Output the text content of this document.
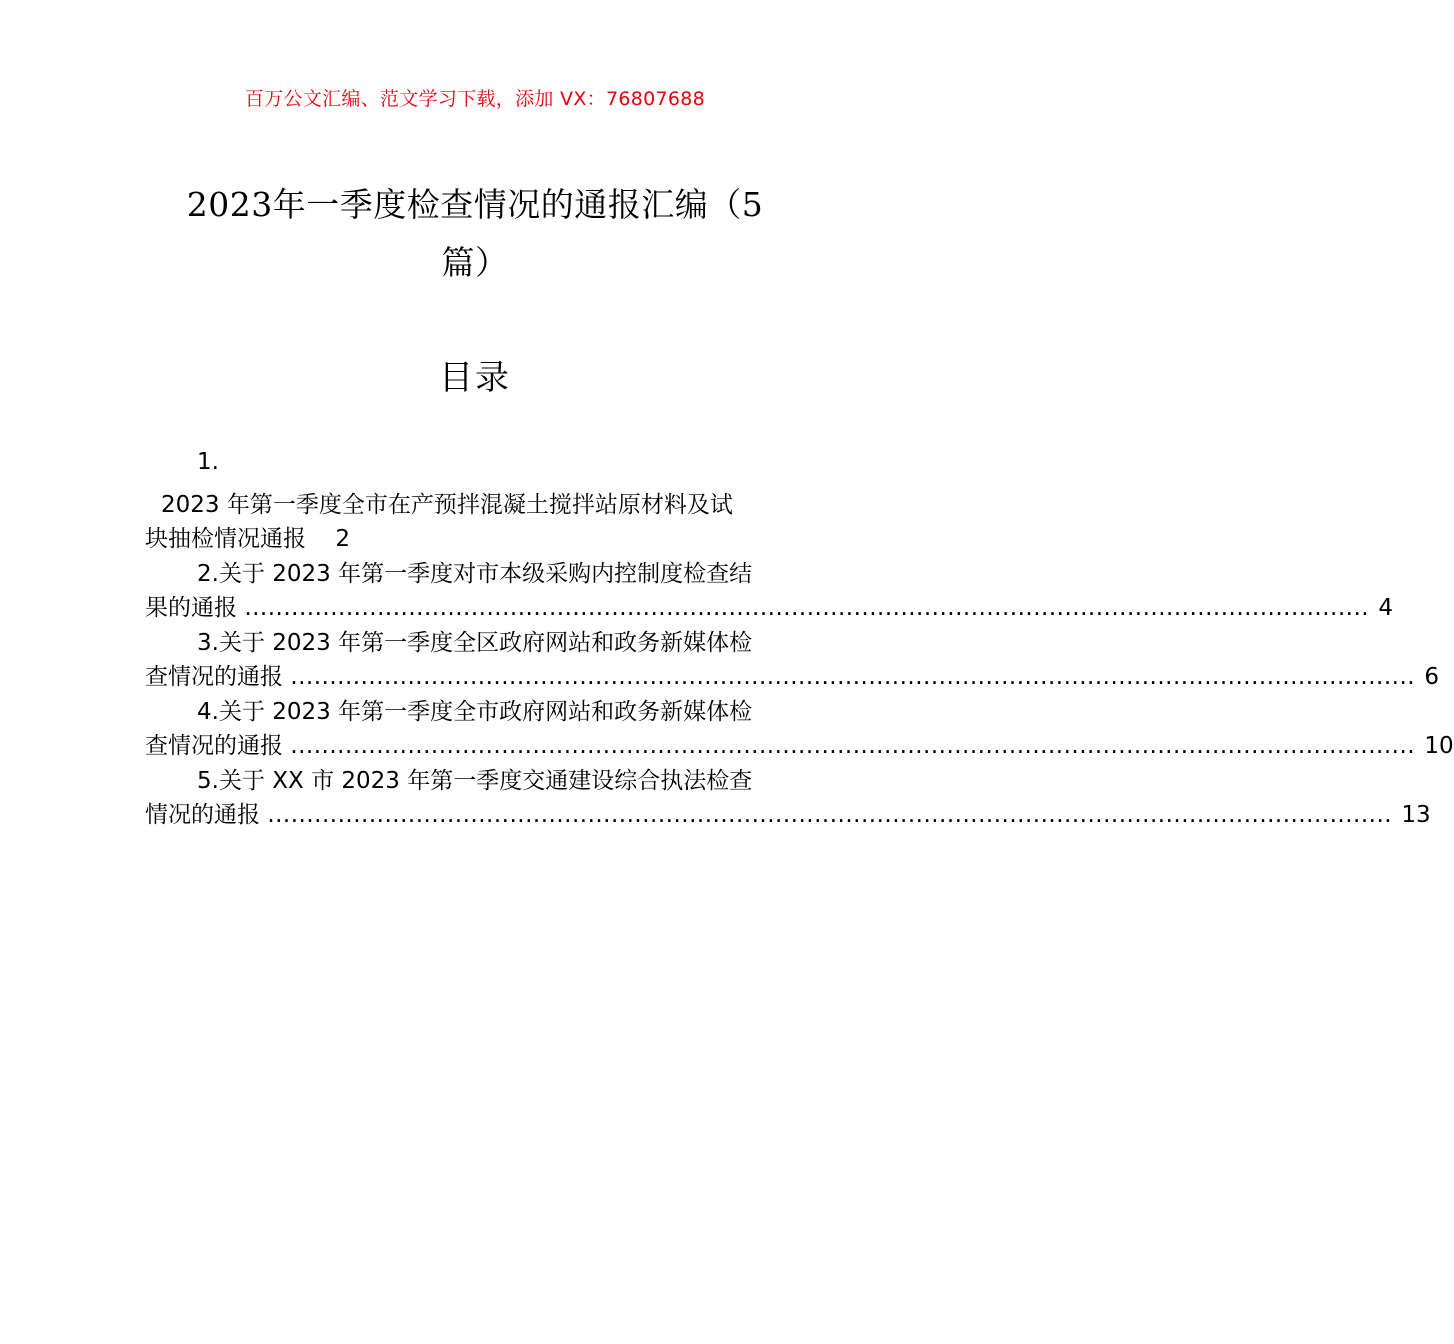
百万公文汇编、范文学习下载，添加 VX：76807688
2023年一季度检查情况的通报汇编（5
篇）
目录
1.
2023 年第一季度全市在产预拌混凝土搅拌站原材料及试
块抽检情况通报 2
2.关于 2023 年第一季度对市本级采购内控制度检查结
果的通报 .....	4
3.关于 2023 年第一季度全区政府网站和政务新媒体检
查情况的通报 .....	6
4.关于 2023 年第一季度全市政府网站和政务新媒体检
查情况的通报 .....	10
5.关于 XX 市 2023 年第一季度交通建设综合执法检查
情况的通报 .....	13
